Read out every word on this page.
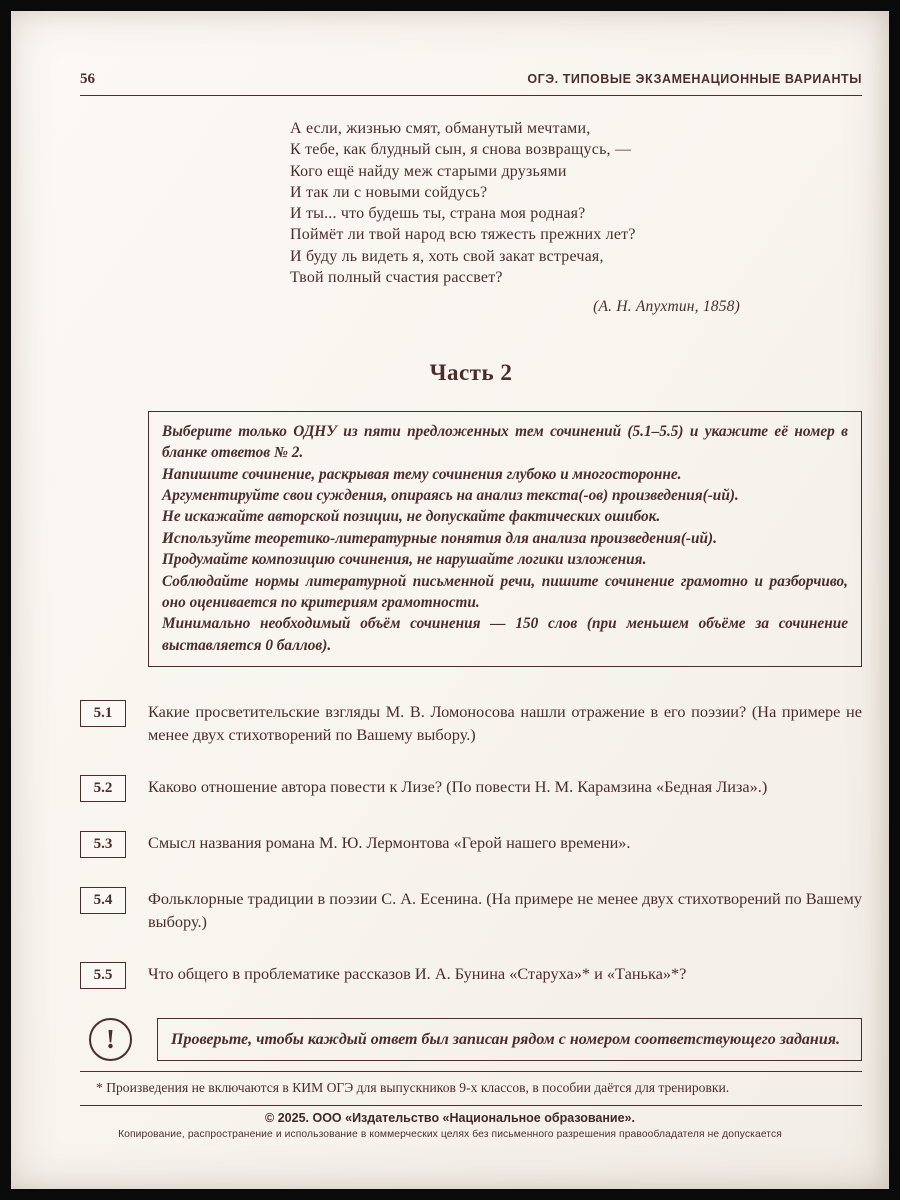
56	ОГЭ. ТИПОВЫЕ ЭКЗАМЕНАЦИОННЫЕ ВАРИАНТЫ
А если, жизнью смят, обманутый мечтами,
К тебе, как блудный сын, я снова возвращусь, —
Кого ещё найду меж старыми друзьями
И так ли с новыми сойдусь?
И ты... что будешь ты, страна моя родная?
Поймёт ли твой народ всю тяжесть прежних лет?
И буду ль видеть я, хоть свой закат встречая,
Твой полный счастия рассвет?
(А. Н. Апухтин, 1858)
Часть 2

Выберите только ОДНУ из пяти предложенных тем сочинений (5.1–5.5) и укажите её номер в бланке ответов № 2.

Напишите сочинение, раскрывая тему сочинения глубоко и многосторонне.

Аргументируйте свои суждения, опираясь на анализ текста(-ов) произведения(-ий).

Не искажайте авторской позиции, не допускайте фактических ошибок.

Используйте теоретико-литературные понятия для анализа произведения(-ий).

Продумайте композицию сочинения, не нарушайте логики изложения.

Соблюдайте нормы литературной письменной речи, пишите сочинение грамотно и разборчиво, оно оценивается по критериям грамотности.

Минимально необходимый объём сочинения — 150 слов (при меньшем объёме за сочинение выставляется 0 баллов).

5.1	Какие просветительские взгляды М. В. Ломоносова нашли отражение в его поэзии? (На примере не менее двух стихотворений по Вашему выбору.)
5.2	Каково отношение автора повести к Лизе? (По повести Н. М. Карамзина «Бедная Лиза».)
5.3	Смысл названия романа М. Ю. Лермонтова «Герой нашего времени».
5.4	Фольклорные традиции в поэзии С. А. Есенина. (На примере не менее двух стихотворений по Вашему выбору.)
5.5	Что общего в проблематике рассказов И. А. Бунина «Старуха»* и «Танька»*?
!	Проверьте, чтобы каждый ответ был записан рядом с номером соответствующего задания.
* Произведения не включаются в КИМ ОГЭ для выпускников 9-х классов, в пособии даётся для тренировки.
© 2025. ООО «Издательство «Национальное образование».
Копирование, распространение и использование в коммерческих целях без письменного разрешения правообладателя не допускается
